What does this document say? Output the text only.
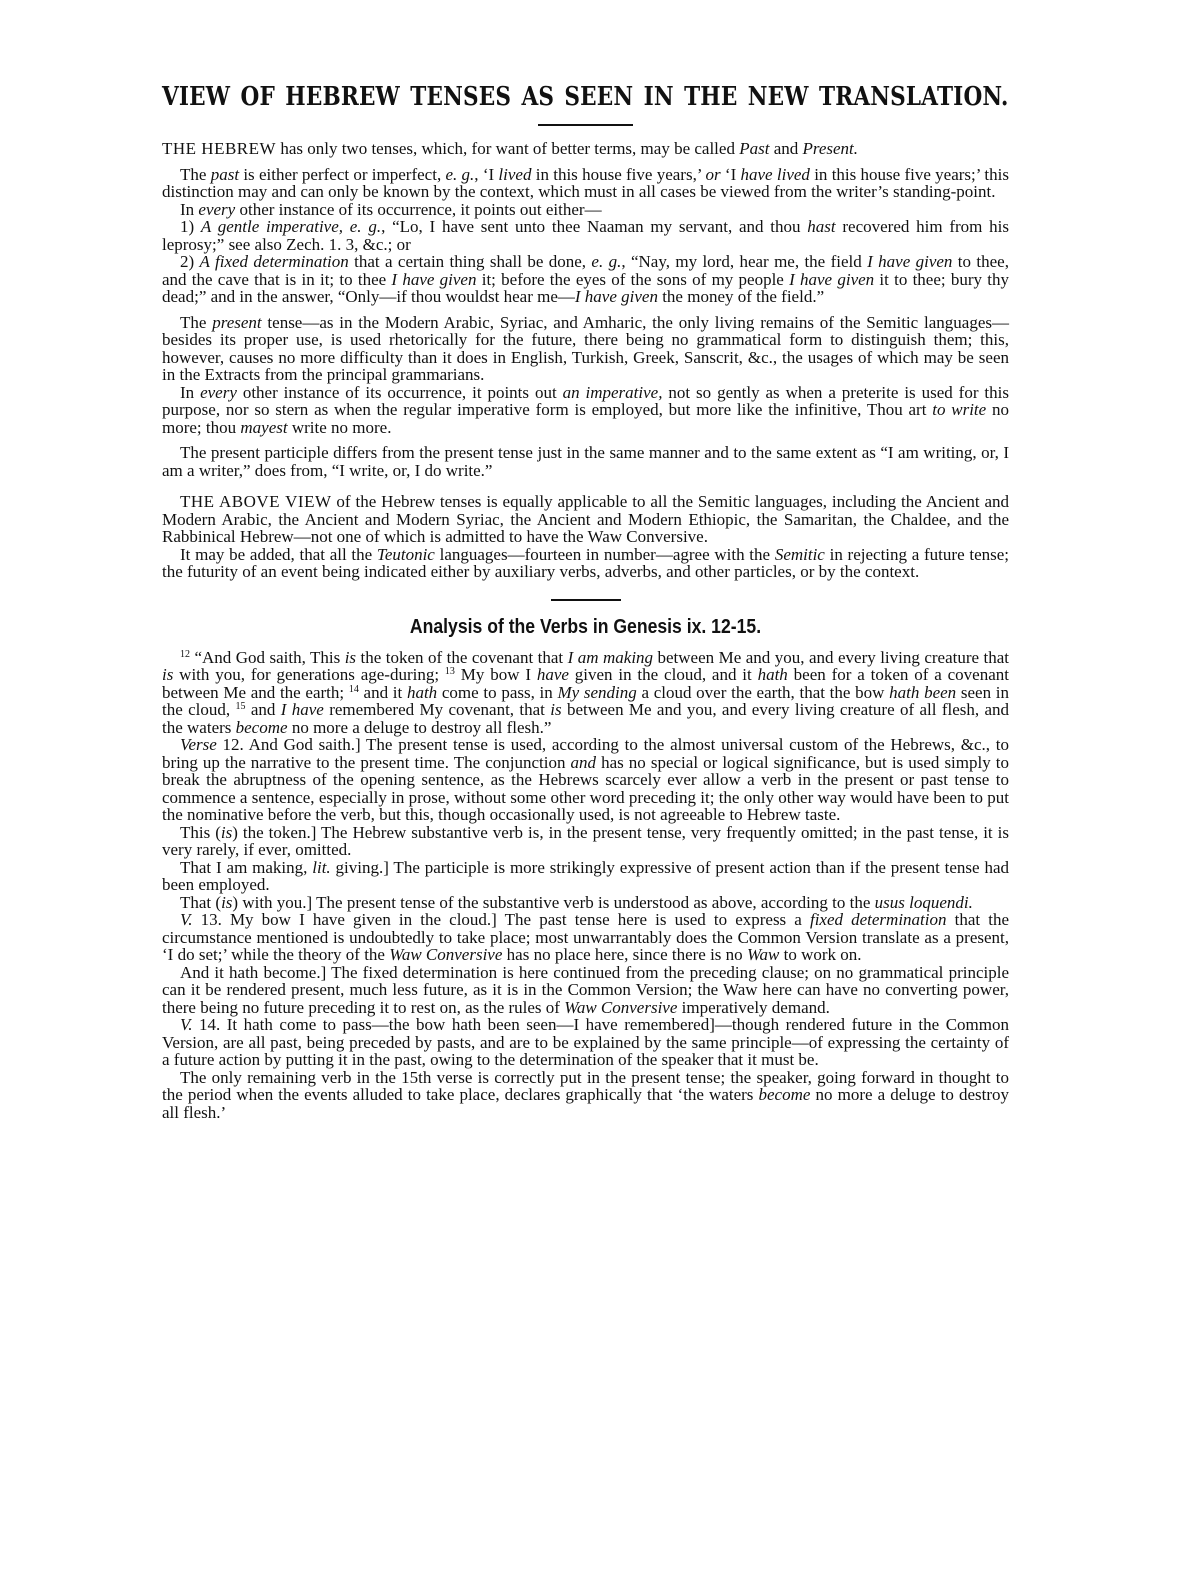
VIEW OF HEBREW TENSES AS SEEN IN THE NEW TRANSLATION.

THE HEBREW has only two tenses, which, for want of better terms, may be called Past and Present.

The past is either perfect or imperfect, e. g., ‘I lived in this house five years,’ or ‘I have lived in this house five years;’ this distinction may and can only be known by the context, which must in all cases be viewed from the writer’s standing-point.

In every other instance of its occurrence, it points out either—

1) A gentle imperative, e. g., “Lo, I have sent unto thee Naaman my servant, and thou hast recovered him from his leprosy;” see also Zech. 1. 3, &c.; or

2) A fixed determination that a certain thing shall be done, e. g., “Nay, my lord, hear me, the field I have given to thee, and the cave that is in it; to thee I have given it; before the eyes of the sons of my people I have given it to thee; bury thy dead;” and in the answer, “Only—if thou wouldst hear me—I have given the money of the field.”

The present tense—as in the Modern Arabic, Syriac, and Amharic, the only living remains of the Semitic languages—besides its proper use, is used rhetorically for the future, there being no grammatical form to distinguish them; this, however, causes no more difficulty than it does in English, Turkish, Greek, Sanscrit, &c., the usages of which may be seen in the Extracts from the principal grammarians.

In every other instance of its occurrence, it points out an imperative, not so gently as when a preterite is used for this purpose, nor so stern as when the regular imperative form is employed, but more like the infinitive, Thou art to write no more; thou mayest write no more.

The present participle differs from the present tense just in the same manner and to the same extent as “I am writing, or, I am a writer,” does from, “I write, or, I do write.”

THE ABOVE VIEW of the Hebrew tenses is equally applicable to all the Semitic languages, including the Ancient and Modern Arabic, the Ancient and Modern Syriac, the Ancient and Modern Ethiopic, the Samaritan, the Chaldee, and the Rabbinical Hebrew—not one of which is admitted to have the Waw Conversive.

It may be added, that all the Teutonic languages—fourteen in number—agree with the Semitic in rejecting a future tense; the futurity of an event being indicated either by auxiliary verbs, adverbs, and other particles, or by the context.

Analysis of the Verbs in Genesis ix. 12-15.

$^{12}$ “And God saith, This is the token of the covenant that I am making between Me and you, and every living creature that is with you, for generations age-during; $^{13}$ My bow I have given in the cloud, and it hath been for a token of a covenant between Me and the earth; $^{14}$ and it hath come to pass, in My sending a cloud over the earth, that the bow hath been seen in the cloud, $^{15}$ and I have remembered My covenant, that is between Me and you, and every living creature of all flesh, and the waters become no more a deluge to destroy all flesh.”

Verse 12. And God saith.] The present tense is used, according to the almost universal custom of the Hebrews, &c., to bring up the narrative to the present time. The conjunction and has no special or logical significance, but is used simply to break the abruptness of the opening sentence, as the Hebrews scarcely ever allow a verb in the present or past tense to commence a sentence, especially in prose, without some other word preceding it; the only other way would have been to put the nominative before the verb, but this, though occasionally used, is not agreeable to Hebrew taste.

This (is) the token.] The Hebrew substantive verb is, in the present tense, very frequently omitted; in the past tense, it is very rarely, if ever, omitted.

That I am making, lit. giving.] The participle is more strikingly expressive of present action than if the present tense had been employed.

That (is) with you.] The present tense of the substantive verb is understood as above, according to the usus loquendi.

V. 13. My bow I have given in the cloud.] The past tense here is used to express a fixed determination that the circumstance mentioned is undoubtedly to take place; most unwarrantably does the Common Version translate as a present, ‘I do set;’ while the theory of the Waw Conversive has no place here, since there is no Waw to work on.

And it hath become.] The fixed determination is here continued from the preceding clause; on no grammatical principle can it be rendered present, much less future, as it is in the Common Version; the Waw here can have no converting power, there being no future preceding it to rest on, as the rules of Waw Conversive imperatively demand.

V. 14. It hath come to pass—the bow hath been seen—I have remembered]—though rendered future in the Common Version, are all past, being preceded by pasts, and are to be explained by the same principle—of expressing the certainty of a future action by putting it in the past, owing to the determination of the speaker that it must be.

The only remaining verb in the 15th verse is correctly put in the present tense; the speaker, going forward in thought to the period when the events alluded to take place, declares graphically that ‘the waters become no more a deluge to destroy all flesh.’
